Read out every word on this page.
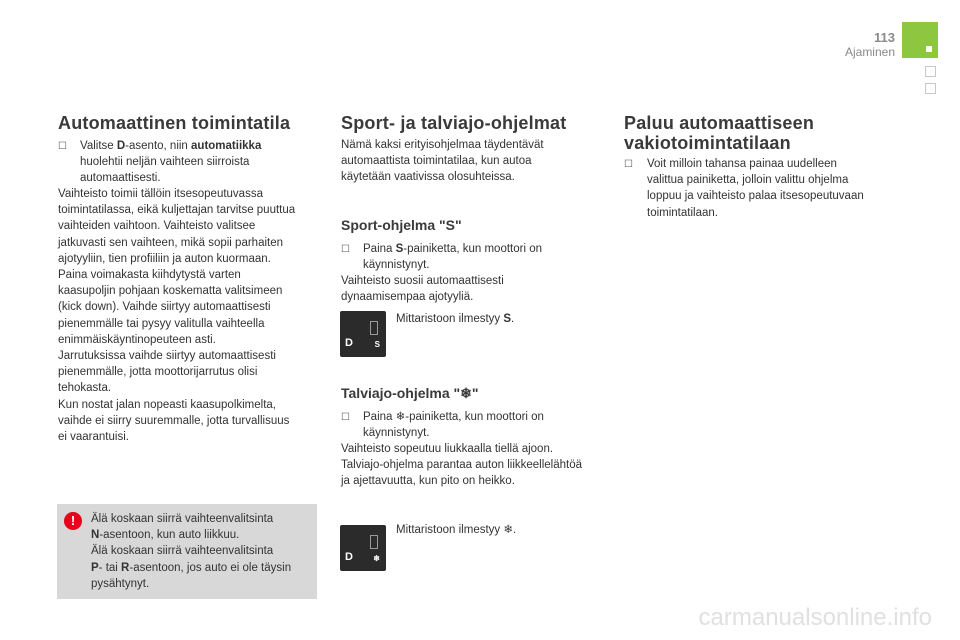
113
Ajaminen
Automaattinen toimintatila
☐ Valitse D-asento, niin automatiikka
huolehtii neljän vaihteen siirroista
automaattisesti.
Vaihteisto toimii tällöin itsesopeutuvassa
toimintatilassa, eikä kuljettajan tarvitse puuttua
vaihteiden vaihtoon. Vaihteisto valitsee
jatkuvasti sen vaihteen, mikä sopii parhaiten
ajotyyliin, tien profiiliin ja auton kuormaan.
Paina voimakasta kiihdytystä varten
kaasupoljin pohjaan koskematta valitsimeen
(kick down). Vaihde siirtyy automaattisesti
pienemmälle tai pysyy valitulla vaihteella
enimmäiskäyntinopeuteen asti.
Jarrutuksissa vaihde siirtyy automaattisesti
pienemmälle, jotta moottorijarrutus olisi
tehokasta.
Kun nostat jalan nopeasti kaasupolkimelta,
vaihde ei siirry suuremmalle, jotta turvallisuus
ei vaarantuisi.
!	Älä koskaan siirrä vaihteenvalitsinta
N-asentoon, kun auto liikkuu.
Älä koskaan siirrä vaihteenvalitsinta
P- tai R-asentoon, jos auto ei ole täysin
pysähtynyt.
Sport- ja talviajo-ohjelmat
Nämä kaksi erityisohjelmaa täydentävät
automaattista toimintatilaa, kun autoa
käytetään vaativissa olosuhteissa.
Sport-ohjelma "S"
☐ Paina S-painiketta, kun moottori on
käynnistynyt.
Vaihteisto suosii automaattisesti
dynaamisempaa ajotyyliä.
D	S
Mittaristoon ilmestyy S.
Talviajo-ohjelma "❄"
☐ Paina ❄-painiketta, kun moottori on
käynnistynyt.
Vaihteisto sopeutuu liukkaalla tiellä ajoon.
Talviajo-ohjelma parantaa auton liikkeellelähtöä
ja ajettavuutta, kun pito on heikko.
D	❄
Mittaristoon ilmestyy ❄.
Paluu automaattiseen
vakiotoimintatilaan
☐ Voit milloin tahansa painaa uudelleen
valittua painiketta, jolloin valittu ohjelma
loppuu ja vaihteisto palaa itsesopeutuvaan
toimintatilaan.
carmanualsonline.info
